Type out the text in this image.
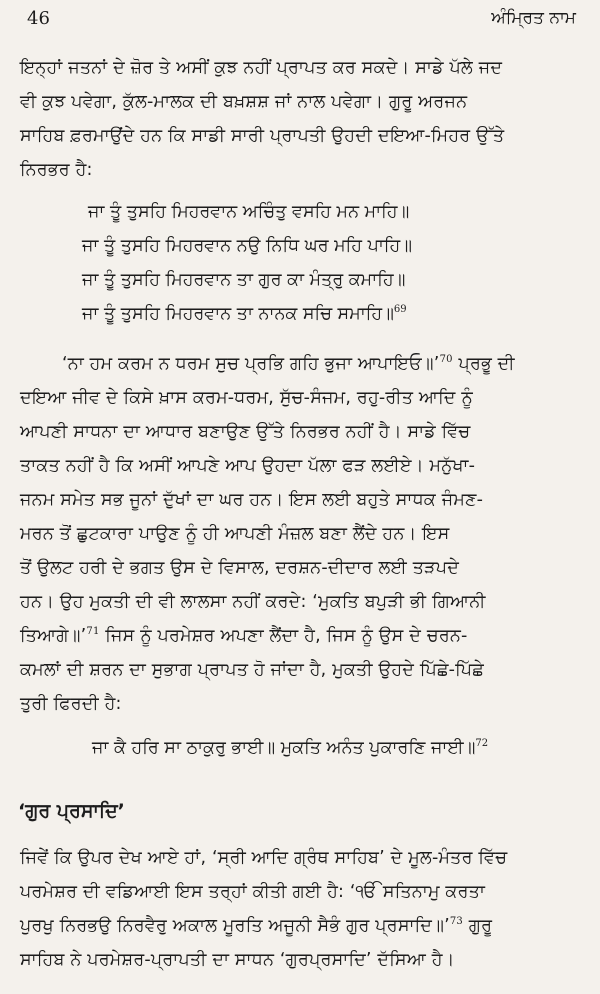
46	ਅੰਮ੍ਰਿਤ ਨਾਮ
ਇਨ੍ਹਾਂ ਜਤਨਾਂ ਦੇ ਜ਼ੋਰ ਤੇ ਅਸੀਂ ਕੁਝ ਨਹੀਂ ਪ੍ਰਾਪਤ ਕਰ ਸਕਦੇ। ਸਾਡੇ ਪੱਲੇ ਜਦ
ਵੀ ਕੁਝ ਪਵੇਗਾ, ਕੁੱਲ-ਮਾਲਕ ਦੀ ਬਖ਼ਸ਼ਸ਼ ਜਾਂ ਨਾਲ ਪਵੇਗਾ। ਗੁਰੂ ਅਰਜਨ
ਸਾਹਿਬ ਫ਼ਰਮਾਉਂਦੇ ਹਨ ਕਿ ਸਾਡੀ ਸਾਰੀ ਪ੍ਰਾਪਤੀ ਉਹਦੀ ਦਇਆ-ਮਿਹਰ ਉੱਤੇ
ਨਿਰਭਰ ਹੈ:
ਜਾ ਤੂੰ ਤੁਸਹਿ ਮਿਹਰਵਾਨ ਅਚਿੰਤੁ ਵਸਹਿ ਮਨ ਮਾਹਿ॥
ਜਾ ਤੂੰ ਤੁਸਹਿ ਮਿਹਰਵਾਨ ਨਉ ਨਿਧਿ ਘਰ ਮਹਿ ਪਾਹਿ॥
ਜਾ ਤੂੰ ਤੁਸਹਿ ਮਿਹਰਵਾਨ ਤਾ ਗੁਰ ਕਾ ਮੰਤ੍ਰੁ ਕਮਾਹਿ॥
ਜਾ ਤੂੰ ਤੁਸਹਿ ਮਿਹਰਵਾਨ ਤਾ ਨਾਨਕ ਸਚਿ ਸਮਾਹਿ॥$^{69}$
‘ਨਾ ਹਮ ਕਰਮ ਨ ਧਰਮ ਸੁਚ ਪ੍ਰਭਿ ਗਹਿ ਭੁਜਾ ਆਪਾਇਓ॥’$^{70}$ ਪ੍ਰਭੂ ਦੀ
ਦਇਆ ਜੀਵ ਦੇ ਕਿਸੇ ਖ਼ਾਸ ਕਰਮ-ਧਰਮ, ਸੁੱਚ-ਸੰਜਮ, ਰਹੁ-ਰੀਤ ਆਦਿ ਨੂੰ
ਆਪਣੀ ਸਾਧਨਾ ਦਾ ਆਧਾਰ ਬਣਾਉਣ ਉੱਤੇ ਨਿਰਭਰ ਨਹੀਂ ਹੈ। ਸਾਡੇ ਵਿੱਚ
ਤਾਕਤ ਨਹੀਂ ਹੈ ਕਿ ਅਸੀਂ ਆਪਣੇ ਆਪ ਉਹਦਾ ਪੱਲਾ ਫੜ ਲਈਏ। ਮਨੁੱਖਾ-
ਜਨਮ ਸਮੇਤ ਸਭ ਜੂਨਾਂ ਦੁੱਖਾਂ ਦਾ ਘਰ ਹਨ। ਇਸ ਲਈ ਬਹੁਤੇ ਸਾਧਕ ਜੰਮਣ-
ਮਰਨ ਤੋਂ ਛੁਟਕਾਰਾ ਪਾਉਣ ਨੂੰ ਹੀ ਆਪਣੀ ਮੰਜ਼ਲ ਬਣਾ ਲੈਂਦੇ ਹਨ। ਇਸ
ਤੋਂ ਉਲਟ ਹਰੀ ਦੇ ਭਗਤ ਉਸ ਦੇ ਵਿਸਾਲ, ਦਰਸ਼ਨ-ਦੀਦਾਰ ਲਈ ਤੜਪਦੇ
ਹਨ। ਉਹ ਮੁਕਤੀ ਦੀ ਵੀ ਲਾਲਸਾ ਨਹੀਂ ਕਰਦੇ: ‘ਮੁਕਤਿ ਬਪੁੜੀ ਭੀ ਗਿਆਨੀ
ਤਿਆਗੇ॥’$^{71}$ ਜਿਸ ਨੂੰ ਪਰਮੇਸ਼ਰ ਅਪਣਾ ਲੈਂਦਾ ਹੈ, ਜਿਸ ਨੂੰ ਉਸ ਦੇ ਚਰਨ-
ਕਮਲਾਂ ਦੀ ਸ਼ਰਨ ਦਾ ਸੁਭਾਗ ਪ੍ਰਾਪਤ ਹੋ ਜਾਂਦਾ ਹੈ, ਮੁਕਤੀ ਉਹਦੇ ਪਿੱਛੇ-ਪਿੱਛੇ
ਤੁਰੀ ਫਿਰਦੀ ਹੈ:
ਜਾ ਕੈ ਹਰਿ ਸਾ ਠਾਕੁਰੁ ਭਾਈ॥ ਮੁਕਤਿ ਅਨੰਤ ਪੁਕਾਰਣਿ ਜਾਈ॥$^{72}$
‘ਗੁਰ ਪ੍ਰਸਾਦਿ’
ਜਿਵੇਂ ਕਿ ਉਪਰ ਦੇਖ ਆਏ ਹਾਂ, ‘ਸ੍ਰੀ ਆਦਿ ਗ੍ਰੰਥ ਸਾਹਿਬ’ ਦੇ ਮੂਲ-ਮੰਤਰ ਵਿੱਚ
ਪਰਮੇਸ਼ਰ ਦੀ ਵਡਿਆਈ ਇਸ ਤਰ੍ਹਾਂ ਕੀਤੀ ਗਈ ਹੈ: ‘ੴ ਸਤਿਨਾਮੁ ਕਰਤਾ
ਪੁਰਖੁ ਨਿਰਭਉ ਨਿਰਵੈਰੁ ਅਕਾਲ ਮੂਰਤਿ ਅਜੂਨੀ ਸੈਭੰ ਗੁਰ ਪ੍ਰਸਾਦਿ॥’$^{73}$ ਗੁਰੂ
ਸਾਹਿਬ ਨੇ ਪਰਮੇਸ਼ਰ-ਪ੍ਰਾਪਤੀ ਦਾ ਸਾਧਨ ‘ਗੁਰਪ੍ਰਸਾਦਿ’ ਦੱਸਿਆ ਹੈ।
